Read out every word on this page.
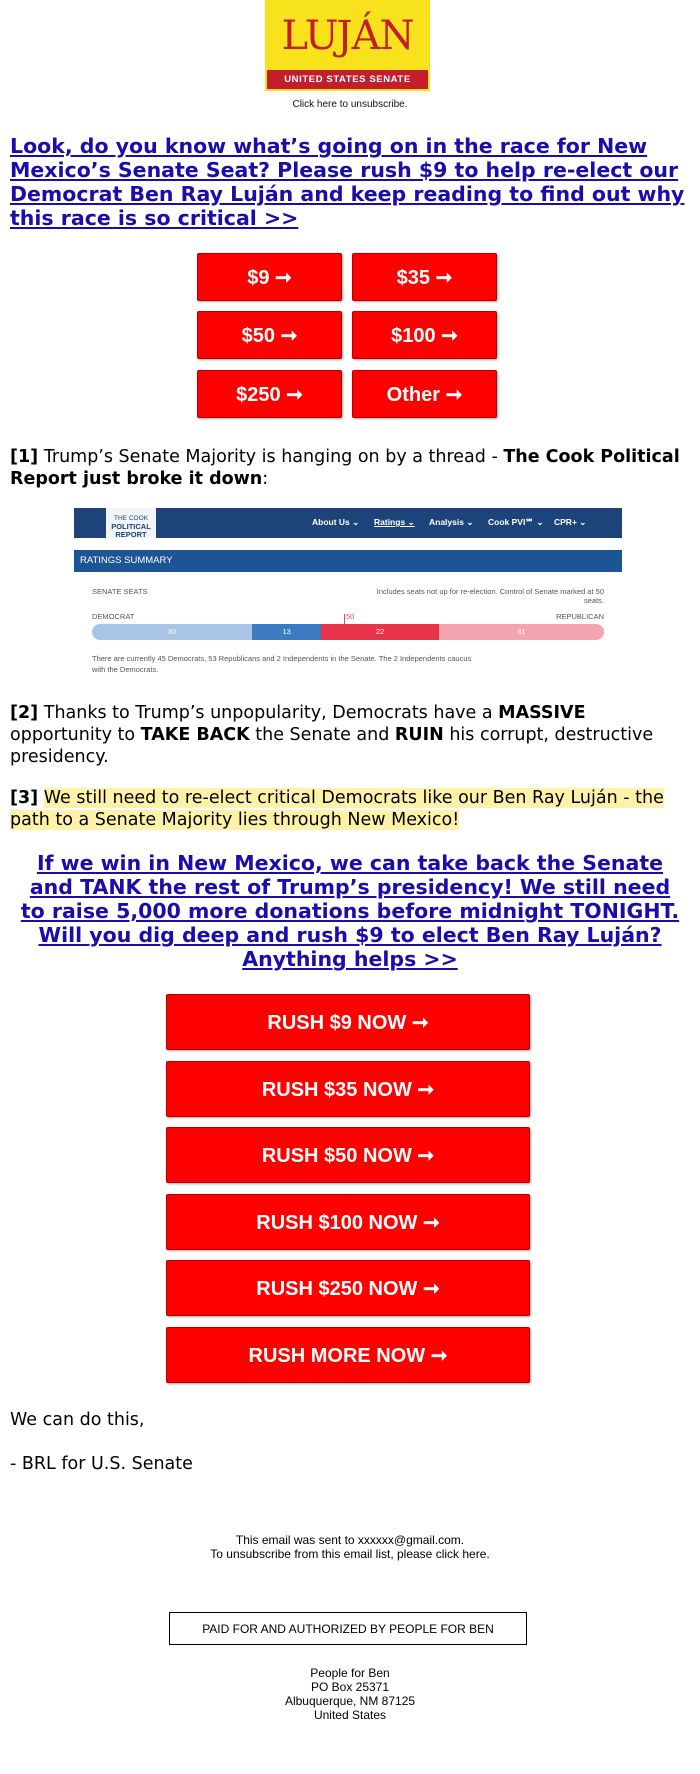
LUJÁN
UNITED STATES SENATE
Click here to unsubscribe.
Look, do you know what’s going on in the race for New Mexico’s Senate Seat? Please rush $9 to help re-elect our Democrat Ben Ray Luján and keep reading to find out why this race is so critical >>
$9 ➞	$35 ➞
$50 ➞	$100 ➞
$250 ➞	Other ➞
[1] Trump’s Senate Majority is hanging on by a thread - The Cook Political Report just broke it down:
THE COOK
POLITICAL
REPORT
About Us ⌄ Ratings ⌄ Analysis ⌄ Cook PVI℠ ⌄ CPR+ ⌄
RATINGS SUMMARY
SENATE SEATS	Includes seats not up for re-election. Control of Senate marked at 50 seats.
DEMOCRAT	50	REPUBLICAN
30	13	22	31
There are currently 45 Democrats, 53 Republicans and 2 Independents in the Senate. The 2 Independents caucus
with the Democrats.
[2] Thanks to Trump’s unpopularity, Democrats have a MASSIVE opportunity to TAKE BACK the Senate and RUIN his corrupt, destructive presidency.
[3] We still need to re-elect critical Democrats like our Ben Ray Luján - the path to a Senate Majority lies through New Mexico!
If we win in New Mexico, we can take back the Senate and TANK the rest of Trump’s presidency! We still need to raise 5,000 more donations before midnight TONIGHT. Will you dig deep and rush $9 to elect Ben Ray Luján? Anything helps >>
RUSH $9 NOW ➞
RUSH $35 NOW ➞
RUSH $50 NOW ➞
RUSH $100 NOW ➞
RUSH $250 NOW ➞
RUSH MORE NOW ➞
We can do this,
- BRL for U.S. Senate
This email was sent to xxxxxx@gmail.com.
To unsubscribe from this email list, please click here.
PAID FOR AND AUTHORIZED BY PEOPLE FOR BEN
People for Ben
PO Box 25371
Albuquerque, NM 87125
United States
